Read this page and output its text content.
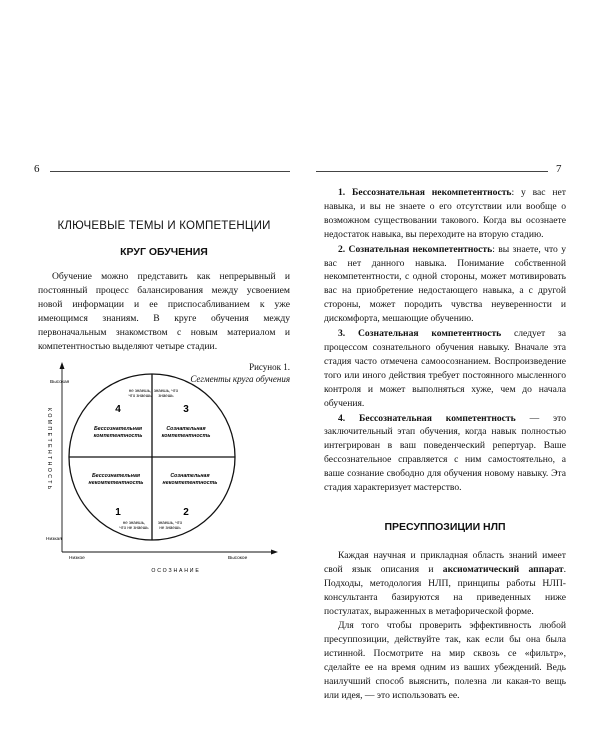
6	7
КЛЮЧЕВЫЕ ТЕМЫ И КОМПЕТЕНЦИИ
КРУГ ОБУЧЕНИЯ

Обучение можно представить как непрерывный и постоянный процесс балансирования между усвоением новой информации и ее приспосабливанием к уже имеющимся знаниям. В круге обучения между первоначальным знакомством с новым материалом и компетентностью выделяют четыре стадии.

Рисунок 1.
Сегменты круга обучения
Высокая
Низкая
Низкое	Высокое
КОМПЕТЕНТНОСТЬ
ОСОЗНАНИЕ
не знаешь,
что знаешь
4
Бессознательная
компетентность
знаешь, что
знаешь
3
Сознательная
компетентность
Бессознательная
некомпетентность
1
не знаешь,
что не знаешь
Сознательная
некомпетентность
2
знаешь, что
не знаешь

1. Бессознательная некомпетентность: у вас нет навыка, и вы не знаете о его отсутствии или вообще о возможном существовании такового. Когда вы осознаете недостаток навыка, вы переходите на вторую стадию.

2. Сознательная некомпетентность: вы знаете, что у вас нет данного навыка. Понимание собственной некомпетентности, с одной стороны, может мотивировать вас на приобретение недостающего навыка, а с другой стороны, может породить чувства неуверенности и дискомфорта, мешающие обучению.

3. Сознательная компетентность следует за процессом сознательного обучения навыку. Вначале эта стадия часто отмечена самоосознанием. Воспроизведение того или иного действия требует постоянного мысленного контроля и может выполняться хуже, чем до начала обучения.

4. Бессознательная компетентность — это заключительный этап обучения, когда навык полностью интегрирован в ваш поведенческий репертуар. Ваше бессознательное справляется с ним самостоятельно, а ваше сознание свободно для обучения новому навыку. Эта стадия характеризует мастерство.

ПРЕСУППОЗИЦИИ НЛП

Каждая научная и прикладная область знаний имеет свой язык описания и аксиоматический аппарат. Подходы, методология НЛП, принципы работы НЛП-консультанта базируются на приведенных ниже постулатах, выраженных в метафорической форме.

Для того чтобы проверить эффективность любой пресуппозиции, действуйте так, как если бы она была истинной. Посмотрите на мир сквозь се «фильтр», сделайте ее на время одним из ваших убеждений. Ведь наилучший способ выяснить, полезна ли какая-то вещь или идея, — это использовать ее.
